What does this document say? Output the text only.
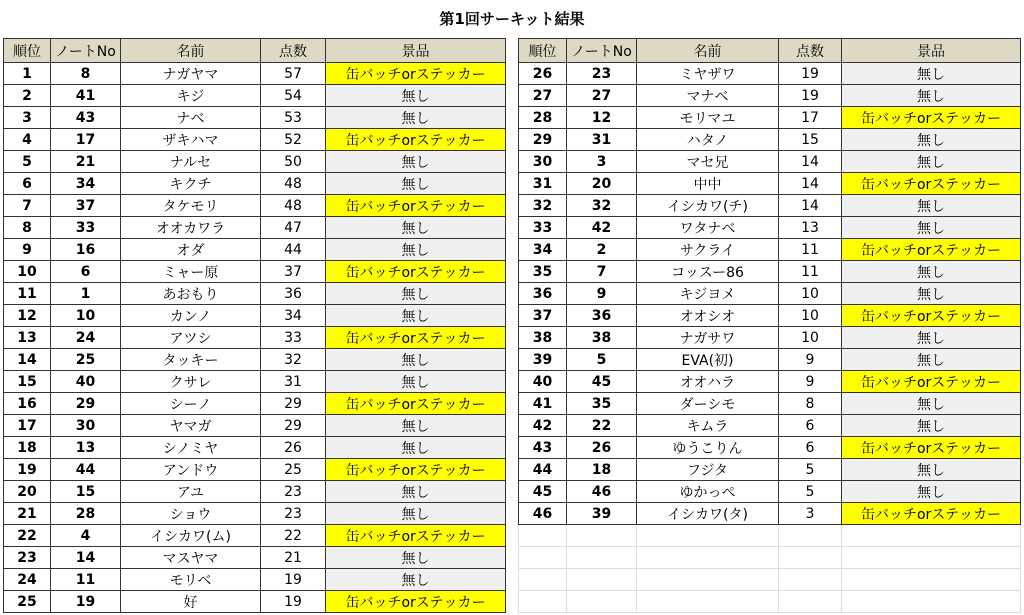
第1回サーキット結果
順位	ノートNo	名前	点数	景品
1	8	ナガヤマ	57	缶バッチorステッカー
2	41	キジ	54	無し
3	43	ナベ	53	無し
4	17	ザキハマ	52	缶バッチorステッカー
5	21	ナルセ	50	無し
6	34	キクチ	48	無し
7	37	タケモリ	48	缶バッチorステッカー
8	33	オオカワラ	47	無し
9	16	オダ	44	無し
10	6	ミャー原	37	缶バッチorステッカー
11	1	あおもり	36	無し
12	10	カンノ	34	無し
13	24	アツシ	33	缶バッチorステッカー
14	25	タッキー	32	無し
15	40	クサレ	31	無し
16	29	シーノ	29	缶バッチorステッカー
17	30	ヤマガ	29	無し
18	13	シノミヤ	26	無し
19	44	アンドウ	25	缶バッチorステッカー
20	15	アユ	23	無し
21	28	ショウ	23	無し
22	4	イシカワ(ム)	22	缶バッチorステッカー
23	14	マスヤマ	21	無し
24	11	モリベ	19	無し
25	19	好	19	缶バッチorステッカー
順位	ノートNo	名前	点数	景品
26	23	ミヤザワ	19	無し
27	27	マナベ	19	無し
28	12	モリマユ	17	缶バッチorステッカー
29	31	ハタノ	15	無し
30	3	マセ兄	14	無し
31	20	中中	14	缶バッチorステッカー
32	32	イシカワ(チ)	14	無し
33	42	ワタナベ	13	無し
34	2	サクライ	11	缶バッチorステッカー
35	7	コッスー86	11	無し
36	9	キジヨメ	10	無し
37	36	オオシオ	10	缶バッチorステッカー
38	38	ナガサワ	10	無し
39	5	EVA(初)	9	無し
40	45	オオハラ	9	缶バッチorステッカー
41	35	ダーシモ	8	無し
42	22	キムラ	6	無し
43	26	ゆうこりん	6	缶バッチorステッカー
44	18	フジタ	5	無し
45	46	ゆかっぺ	5	無し
46	39	イシカワ(タ)	3	缶バッチorステッカー
